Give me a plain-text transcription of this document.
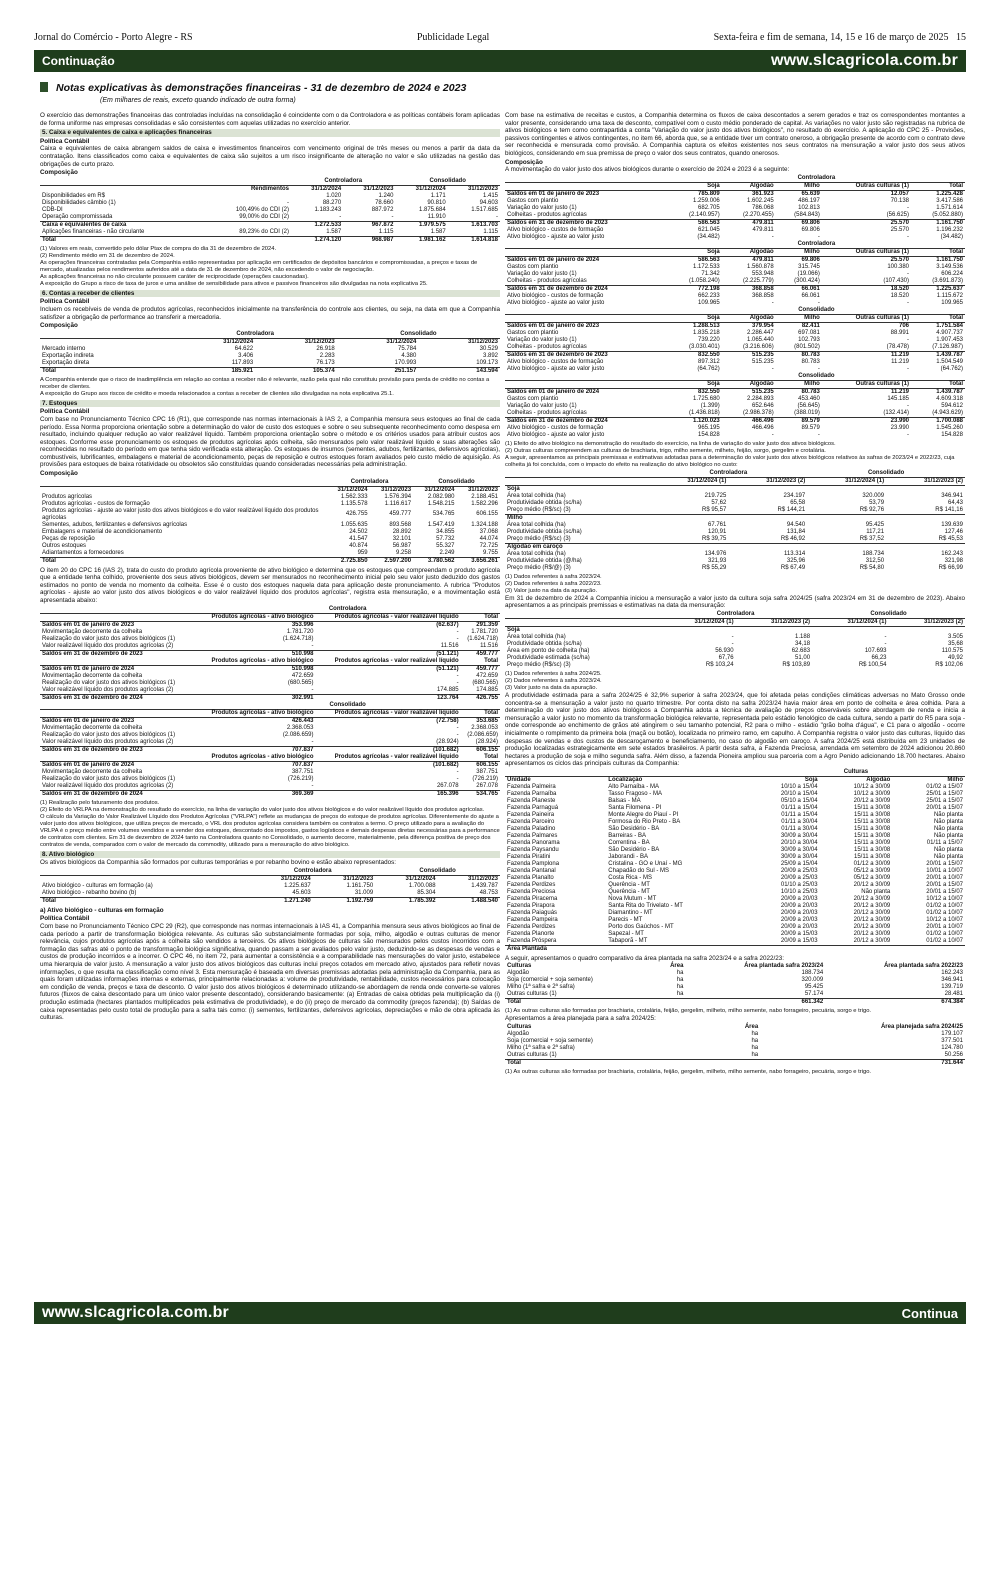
Jornal do Comércio - Porto Alegre - RS	Publicidade Legal	Sexta-feira e fim de semana, 14, 15 e 16 de março de 2025 15
Continuação	www.slcagricola.com.br
Notas explicativas às demonstrações financeiras - 31 de dezembro de 2024 e 2023
(Em milhares de reais, exceto quando indicado de outra forma)

O exercício das demonstrações financeiras das controladas incluídas na consolidação é coincidente com o da Controladora e as políticas contábeis foram aplicadas de forma uniforme nas empresas consolidadas e são consistentes com aquelas utilizadas no exercício anterior.

5. Caixa e equivalentes de caixa e aplicações financeiras
Política Contábil

Caixa e equivalentes de caixa abrangem saldos de caixa e investimentos financeiros com vencimento original de três meses ou menos a partir da data da contratação. Itens classificados como caixa e equivalentes de caixa são sujeitos a um risco insignificante de alteração no valor e são utilizadas na gestão das obrigações de curto prazo.

Composição
		Controladora		Consolidado	
	Rendimentos	31/12/2024	31/12/2023	31/12/2024	31/12/2023
Disponibilidades em R$		1.020	1.240	1.171	1.415
Disponibilidades câmbio (1)	-	88.270	78.660	90.810	94.603
CDB-DI	100,49% do CDI (2)	1.183.243	887.972	1.875.684	1.517.685
Operação compromissada	99,00% do CDI (2)	-	-	11.910	-
Caixa e equivalentes de caixa		1.272.533	967.872	1.979.575	1.613.703
Aplicações financeiras - não circulante	89,23% do CDI (2)	1.587	1.115	1.587	1.115
Total		1.274.120	968.987	1.981.162	1.614.818

(1) Valores em reais, convertido pelo dólar Ptax de compra do dia 31 de dezembro de 2024.

(2) Rendimento médio em 31 de dezembro de 2024.

As operações financeiras contratadas pela Companhia estão representadas por aplicação em certificados de depósitos bancários e compromissadas, a preços e taxas de mercado, atualizadas pelos rendimentos auferidos até a data de 31 de dezembro de 2024, não excedendo o valor de negociação.

As aplicações financeiras no não circulante possuem caráter de reciprocidade (operações caucionadas).

A exposição do Grupo a risco de taxa de juros e uma análise de sensibilidade para ativos e passivos financeiros são divulgadas na nota explicativa 25.

6. Contas a receber de clientes
Política Contábil

Incluem os recebíveis de venda de produtos agrícolas, reconhecidos inicialmente na transferência do controle aos clientes, ou seja, na data em que a Companhia satisfizer a obrigação de performance ao transferir a mercadoria.

Composição
	Controladora		Consolidado	
	31/12/2024	31/12/2023	31/12/2024	31/12/2023
Mercado interno	64.622	26.918	75.784	30.529
Exportação indireta	3.406	2.283	4.380	3.892
Exportação direta	117.893	76.173	170.993	109.173
Total	185.921	105.374	251.157	143.594

A Companhia entende que o risco de inadimplência em relação ao contas a receber não é relevante, razão pela qual não constituiu provisão para perda de crédito no contas a receber de clientes.

A exposição do Grupo aos riscos de crédito e moeda relacionados a contas a receber de clientes são divulgadas na nota explicativa 25.1.

7. Estoques
Política Contábil

Com base no Pronunciamento Técnico CPC 16 (R1), que corresponde nas normas internacionais à IAS 2, a Companhia mensura seus estoques ao final de cada período. Essa Norma proporciona orientação sobre a determinação do valor de custo dos estoques e sobre o seu subsequente reconhecimento como despesa em resultado, incluindo qualquer redução ao valor realizável líquido. Também proporciona orientação sobre o método e os critérios usados para atribuir custos aos estoques. Conforme esse pronunciamento os estoques de produtos agrícolas após colheita, são mensurados pelo valor realizável líquido e suas alterações são reconhecidas no resultado do período em que tenha sido verificada esta alteração. Os estoques de insumos (sementes, adubos, fertilizantes, defensivos agrícolas), combustíveis, lubrificantes, embalagens e material de acondicionamento, peças de reposição e outros estoques foram avaliados pelo custo médio de aquisição. As provisões para estoques de baixa rotatividade ou obsoletos são constituídas quando consideradas necessárias pela administração.

Composição
	Controladora		Consolidado	
	31/12/2024	31/12/2023	31/12/2024	31/12/2023
Produtos agrícolas	1.562.333	1.576.394	2.082.980	2.188.451
Produtos agrícolas - custos de formação	1.135.578	1.116.617	1.548.215	1.582.296
Produtos agrícolas - ajuste ao valor justo dos ativos biológicos e do valor realizável líquido dos produtos agrícolas	426.755	459.777	534.765	606.155
Sementes, adubos, fertilizantes e defensivos agrícolas	1.055.635	893.568	1.547.419	1.324.188
Embalagens e material de acondicionamento	24.502	28.892	34.855	37.068
Peças de reposição	41.547	32.101	57.732	44.074
Outros estoques	40.874	56.987	55.327	72.725
Adiantamentos a fornecedores	959	9.258	2.249	9.755
Total	2.725.850	2.597.200	3.780.562	3.656.261

O item 20 do CPC 16 (IAS 2), trata do custo do produto agrícola proveniente de ativo biológico e determina que os estoques que compreendam o produto agrícola que a entidade tenha colhido, proveniente dos seus ativos biológicos, devem ser mensurados no reconhecimento inicial pelo seu valor justo deduzido dos gastos estimados no ponto de venda no momento da colheita. Esse é o custo dos estoques naquela data para aplicação deste pronunciamento. A rubrica "Produtos agrícolas - ajuste ao valor justo dos ativos biológicos e do valor realizável líquido dos produtos agrícolas", registra esta mensuração, e a movimentação está apresentada abaixo:

	Controladora		
	Produtos agrícolas - ativo biológico	Produtos agrícolas - valor realizável líquido	Total
Saldos em 01 de janeiro de 2023	353.996	(62.637)	291.359
Movimentação decorrente da colheita	1.781.720	-	1.781.720
Realização do valor justo dos ativos biológicos (1)	(1.624.718)	-	(1.624.718)
Valor realizável líquido dos produtos agrícolas (2)	-	11.516	11.516
Saldos em 31 de dezembro de 2023	510.998	(51.121)	459.777
	Produtos agrícolas - ativo biológico	Produtos agrícolas - valor realizável líquido	Total
Saldos em 01 de janeiro de 2024	510.998	(51.121)	459.777
Movimentação decorrente da colheita	472.659	-	472.659
Realização do valor justo dos ativos biológicos (1)	(680.565)	-	(680.565)
Valor realizável líquido dos produtos agrícolas (2)	-	174.885	174.885
Saldos em 31 de dezembro de 2024	302.991	123.764	426.755
	Consolidado		
	Produtos agrícolas - ativo biológico	Produtos agrícolas - valor realizável líquido	Total
Saldos em 01 de janeiro de 2023	426.443	(72.758)	353.685
Movimentação decorrente da colheita	2.368.053	-	2.368.053
Realização do valor justo dos ativos biológicos (1)	(2.086.659)	-	(2.086.659)
Valor realizável líquido dos produtos agrícolas (2)	-	(28.924)	(28.924)
Saldos em 31 de dezembro de 2023	707.837	(101.682)	606.155
	Produtos agrícolas - ativo biológico	Produtos agrícolas - valor realizável líquido	Total
Saldos em 01 de janeiro de 2024	707.837	(101.682)	606.155
Movimentação decorrente da colheita	387.751	-	387.751
Realização do valor justo dos ativos biológicos (1)	(726.219)	-	(726.219)
Valor realizável líquido dos produtos agrícolas (2)	-	267.078	267.078
Saldos em 31 de dezembro de 2024	369.369	165.396	534.765

(1) Realização pelo faturamento dos produtos.

(2) Efeito do VRLPA na demonstração do resultado do exercício, na linha de variação do valor justo dos ativos biológicos e do valor realizável líquido dos produtos agrícolas.

O cálculo da Variação do Valor Realizável Líquido dos Produtos Agrícolas ("VRLPA") reflete as mudanças de preços do estoque de produtos agrícolas. Diferentemente do ajuste a valor justo dos ativos biológicos, que utiliza preços de mercado, o VRL dos produtos agrícolas considera também os contratos a termo. O preço utilizado para a avaliação do VRLPA é o preço médio entre volumes vendidos e a vender dos estoques, descontado dos impostos, gastos logísticos e demais despesas diretas necessárias para a performance de contratos com clientes. Em 31 de dezembro de 2024 tanto na Controladora quanto no Consolidado, o aumento decorre, materialmente, pela diferença positiva de preço dos contratos de venda, comparados com o valor de mercado da commodity, utilizado para a mensuração do ativo biológico.

8. Ativo biológico

Os ativos biológicos da Companhia são formados por culturas temporárias e por rebanho bovino e estão abaixo representados:

	Controladora		Consolidado	
	31/12/2024	31/12/2023	31/12/2024	31/12/2023
Ativo biológico - culturas em formação (a)	1.225.637	1.161.750	1.700.088	1.439.787
Ativo biológico - rebanho bovino (b)	45.603	31.009	85.304	48.753
Total	1.271.240	1.192.759	1.785.392	1.488.540
a) Ativo biológico - culturas em formação
Política Contábil

Com base no Pronunciamento Técnico CPC 29 (R2), que corresponde nas normas internacionais à IAS 41, a Companhia mensura seus ativos biológicos ao final de cada período a partir de transformação biológica relevante. As culturas são substancialmente formadas por soja, milho, algodão e outras culturas de menor relevância, cujos produtos agrícolas após a colheita são vendidos a terceiros. Os ativos biológicos de culturas são mensurados pelos custos incorridos com a formação das safras até o ponto de transformação biológica significativa, quando passam a ser avaliados pelo valor justo, deduzindo-se as despesas de vendas e custos de produção incorridos e a incorrer. O CPC 46, no item 72, para aumentar a consistência e a comparabilidade nas mensurações do valor justo, estabelece uma hierarquia de valor justo. A mensuração a valor justo dos ativos biológicos das culturas inclui preços cotados em mercado ativo, ajustados para refletir novas informações, o que resulta na classificação como nível 3. Esta mensuração é baseada em diversas premissas adotadas pela administração da Companhia, para as quais foram utilizadas informações internas e externas, principalmente relacionadas a: volume de produtividade, rentabilidade, custos necessários para colocação em condição de venda, preços e taxa de desconto. O valor justo dos ativos biológicos é determinado utilizando-se abordagem de renda onde converte-se valores futuros (fluxos de caixa descontado para um único valor presente descontado), considerando basicamente: (a) Entradas de caixa obtidas pela multiplicação da (i) produção estimada (hectares plantados multiplicados pela estimativa de produtividade), e do (ii) preço de mercado da commodity (preços fazenda); (b) Saídas de caixa representadas pelo custo total de produção para a safra tais como: (i) sementes, fertilizantes, defensivos agrícolas, depreciações e mão de obra aplicada às culturas.

Com base na estimativa de receitas e custos, a Companhia determina os fluxos de caixa descontados a serem gerados e traz os correspondentes montantes a valor presente, considerando uma taxa de desconto, compatível com o custo médio ponderado de capital. As variações no valor justo são registradas na rubrica de ativos biológicos e tem como contrapartida a conta "Variação do valor justo dos ativos biológicos", no resultado do exercício. A aplicação do CPC 25 - Provisões, passivos contingentes e ativos contingentes, no item 66, aborda que, se a entidade tiver um contrato oneroso, a obrigação presente de acordo com o contrato deve ser reconhecida e mensurada como provisão. A Companhia captura os efeitos existentes nos seus contratos na mensuração a valor justo dos seus ativos biológicos, considerando em sua premissa de preço o valor dos seus contratos, quando onerosos.

Composição

A movimentação do valor justo dos ativos biológicos durante o exercício de 2024 e 2023 é a seguinte:

	Controladora				
	Soja	Algodão	Milho	Outras culturas (1)	Total
Saldos em 01 de janeiro de 2023	785.809	361.923	65.639	12.057	1.225.428
Gastos com plantio	1.259.006	1.602.245	486.197	70.138	3.417.586
Variação do valor justo (1)	682.705	786.068	102.813	-	1.571.614
Colheitas - produtos agrícolas	(2.140.957)	(2.270.455)	(584.843)	(56.625)	(5.052.880)
Saldos em 31 de dezembro de 2023	586.563	479.811	69.806	25.570	1.161.750
Ativo biológico - custos de formação	621.045	479.811	69.806	25.570	1.196.232
Ativo biológico - ajuste ao valor justo	(34.482)	-	-	-	(34.482)
	Controladora				
	Soja	Algodão	Milho	Outras culturas (1)	Total
Saldos em 01 de janeiro de 2024	586.563	479.811	69.806	25.570	1.161.750
Gastos com plantio	1.172.533	1.560.878	315.745	100.380	3.149.536
Variação do valor justo (1)	71.342	553.948	(19.066)	-	606.224
Colheitas - produtos agrícolas	(1.058.240)	(2.225.779)	(300.424)	(107.430)	(3.691.873)
Saldos em 31 de dezembro de 2024	772.198	368.858	66.061	18.520	1.225.637
Ativo biológico - custos de formação	662.233	368.858	66.061	18.520	1.115.672
Ativo biológico - ajuste ao valor justo	109.965	-	-	-	109.965
	Consolidado				
	Soja	Algodão	Milho	Outras culturas (1)	Total
Saldos em 01 de janeiro de 2023	1.288.513	379.954	82.411	706	1.751.584
Gastos com plantio	1.835.218	2.286.447	697.081	88.991	4.907.737
Variação do valor justo (1)	739.220	1.065.440	102.793	-	1.907.453
Colheitas - produtos agrícolas	(3.030.401)	(3.216.606)	(801.502)	(78.478)	(7.126.987)
Saldos em 31 de dezembro de 2023	832.550	515.235	80.783	11.219	1.439.787
Ativo biológico - custos de formação	897.312	515.235	80.783	11.219	1.504.549
Ativo biológico - ajuste ao valor justo	(64.762)	-	-	-	(64.762)
	Consolidado				
	Soja	Algodão	Milho	Outras culturas (1)	Total
Saldos em 01 de janeiro de 2024	832.550	515.235	80.783	11.219	1.439.787
Gastos com plantio	1.725.680	2.284.893	453.460	145.185	4.609.318
Variação do valor justo (1)	(1.399)	652.646	(56.645)	-	594.612
Colheitas - produtos agrícolas	(1.436.818)	(2.986.378)	(388.019)	(132.414)	(4.943.629)
Saldos em 31 de dezembro de 2024	1.120.023	466.496	89.579	23.990	1.700.088
Ativo biológico - custos de formação	965.195	466.496	89.579	23.990	1.545.260
Ativo biológico - ajuste ao valor justo	154.828	-	-	-	154.828

(1) Efeito do ativo biológico na demonstração do resultado do exercício, na linha de variação do valor justo dos ativos biológicos.

(2) Outras culturas compreendem as culturas de brachiaria, trigo, milho semente, milheto, feijão, sorgo, gergelim e crotalária.

A seguir, apresentamos as principais premissas e estimativas adotadas para a determinação do valor justo dos ativos biológicos relativos às safras de 2023/24 e 2022/23, cuja colheita já foi concluída, com o impacto do efeito na realização do ativo biológico no custo:

	Controladora		Consolidado	
	31/12/2024 (1)	31/12/2023 (2)	31/12/2024 (1)	31/12/2023 (2)
Soja				
Área total colhida (ha)	219.725	234.197	320.009	346.941
Produtividade obtida (sc/ha)	57,62	65,58	53,79	64,43
Preço médio (R$/sc) (3)	R$ 95,57	R$ 144,21	R$ 92,76	R$ 141,16
Milho				
Área total colhida (ha)	67.761	94.540	95.425	139.639
Produtividade obtida (sc/ha)	120,91	131,84	117,21	127,46
Preço médio (R$/sc) (3)	R$ 39,75	R$ 46,92	R$ 37,52	R$ 45,53
Algodão em caroço				
Área total colhida (ha)	134.976	113.314	188.734	162.243
Produtividade obtida (@/ha)	321,93	325,96	312,50	321,98
Preço médio (R$/@) (3)	R$ 55,29	R$ 67,49	R$ 54,80	R$ 66,99

(1) Dados referentes à safra 2023/24.

(2) Dados referentes à safra 2022/23.

(3) Valor justo na data da apuração.

Em 31 de dezembro de 2024 a Companhia iniciou a mensuração a valor justo da cultura soja safra 2024/25 (safra 2023/24 em 31 de dezembro de 2023). Abaixo apresentamos a as principais premissas e estimativas na data da mensuração:

	Controladora		Consolidado	
	31/12/2024 (1)	31/12/2023 (2)	31/12/2024 (1)	31/12/2023 (2)
Soja				
Área total colhida (ha)	-	1.188	-	3.505
Produtividade obtida (sc/ha)	-	34,18	-	35,68
Área em ponto de colheita (ha)	56.930	62.683	107.693	110.575
Produtividade estimada (sc/ha)	67,76	51,00	66,23	49,92
Preço médio (R$/sc) (3)	R$ 103,24	R$ 103,89	R$ 100,54	R$ 102,06

(1) Dados referentes à safra 2024/25.

(2) Dados referentes à safra 2023/24.

(3) Valor justo na data da apuração.

A produtividade estimada para a safra 2024/25 é 32,9% superior à safra 2023/24, que foi afetada pelas condições climáticas adversas no Mato Grosso onde concentra-se a mensuração a valor justo no quarto trimestre. Por conta disto na safra 2023/24 havia maior área em ponto de colheita e área colhida. Para a determinação do valor justo dos ativos biológicos a Companhia adota a técnica de avaliação de preços observáveis sobre abordagem de renda e inicia a mensuração a valor justo no momento da transformação biológica relevante, representada pelo estádio fenológico de cada cultura, sendo a partir do R5 para soja - onde corresponde ao enchimento de grãos até atingirem o seu tamanho potencial, R2 para o milho - estádio "grão bolha d'água", e C1 para o algodão - ocorre inicialmente o rompimento da primeira bola (maçã ou botão), localizada no primeiro ramo, em capulho. A Companhia registra o valor justo das culturas, líquido das despesas de vendas e dos custos de descaroçamento e beneficiamento, no caso do algodão em caroço. A safra 2024/25 está distribuída em 23 unidades de produção localizadas estrategicamente em sete estados brasileiros. A partir desta safra, a Fazenda Preciosa, arrendada em setembro de 2024 adicionou 20.860 hectares a produção de soja e milho segunda safra. Além disso, a fazenda Pioneira ampliou sua parceria com a Agro Penido adicionando 18.700 hectares. Abaixo apresentamos os ciclos das principais culturas da Companhia:

		Culturas		
Unidade	Localização	Soja	Algodão	Milho
Fazenda Palmeira	Alto Parnaíba - MA	10/10 a 15/04	10/12 a 30/09	01/02 a 15/07
Fazenda Parnaíba	Tasso Fragoso - MA	20/10 a 15/04	10/12 a 30/09	25/01 a 15/07
Fazenda Planeste	Balsas - MA	05/10 a 15/04	20/12 a 30/09	25/01 a 15/07
Fazenda Parnaguá	Santa Filomena - PI	01/11 a 15/04	15/11 a 30/08	20/01 a 15/07
Fazenda Paineira	Monte Alegre do Piauí - PI	01/11 a 15/04	15/11 a 30/08	Não planta
Fazenda Parceiro	Formosa do Rio Preto - BA	01/11 a 30/04	15/11 a 30/08	Não planta
Fazenda Paladino	São Desidério - BA	01/11 a 30/04	15/11 a 30/08	Não planta
Fazenda Palmares	Barreiras - BA	30/09 a 30/04	15/11 a 30/08	Não planta
Fazenda Panorama	Correntina - BA	20/10 a 30/04	15/11 a 30/09	01/11 a 15/07
Fazenda Paysandu	São Desidério - BA	30/09 a 30/04	15/11 a 30/08	Não planta
Fazenda Piratini	Jaborandi - BA	30/09 a 30/04	15/11 a 30/08	Não planta
Fazenda Pamplona	Cristalina - GO e Unaí - MG	25/09 a 15/04	01/12 a 30/09	20/01 a 15/07
Fazenda Pantanal	Chapadão do Sul - MS	20/09 a 25/03	05/12 a 30/09	10/01 a 10/07
Fazenda Planalto	Costa Rica - MS	20/09 a 25/03	05/12 a 30/09	20/01 a 10/07
Fazenda Perdizes	Querência - MT	01/10 a 25/03	20/12 a 30/09	20/01 a 15/07
Fazenda Preciosa	Querência - MT	10/10 a 25/03	Não planta	20/01 a 15/07
Fazenda Piracema	Nova Mutum - MT	20/09 a 20/03	20/12 a 30/09	10/12 a 10/07
Fazenda Pirapora	Santa Rita do Trivelato - MT	20/09 a 20/03	20/12 a 30/09	01/02 a 10/07
Fazenda Paiaguás	Diamantino - MT	20/09 a 20/03	20/12 a 30/09	01/02 a 10/07
Fazenda Pampeira	Parecis - MT	20/09 a 20/03	20/12 a 30/09	10/12 a 10/07
Fazenda Perdizes	Porto dos Gaúchos - MT	20/09 a 20/03	20/12 a 30/09	20/01 a 10/07
Fazenda Planorte	Sapezal - MT	20/09 a 15/03	20/12 a 30/09	01/02 a 10/07
Fazenda Próspera	Tabaporã - MT	20/09 a 15/03	20/12 a 30/09	01/02 a 10/07
Área Plantada				

A seguir, apresentamos o quadro comparativo da área plantada na safra 2023/24 e a safra 2022/23:

Culturas	Área	Área plantada safra 2023/24	Área plantada safra 2022/23
Algodão	ha	188.734	162.243
Soja (comercial + soja semente)	ha	320.009	346.941
Milho (1ª safra e 2ª safra)	ha	95.425	139.719
Outras culturas (1)	ha	57.174	28.481
Total		661.342	674.384

(1) As outras culturas são formadas por brachiaria, crotalária, feijão, gergelim, milheto, milho semente, nabo forrageiro, pecuária, sorgo e trigo.

Apresentamos a área planejada para a safra 2024/25:

Culturas	Área	Área planejada safra 2024/25
Algodão	ha	179.107
Soja (comercial + soja semente)	ha	377.501
Milho (1ª safra e 2ª safra)	ha	124.780
Outras culturas (1)	ha	50.256
Total		731.644

(1) As outras culturas são formadas por brachiaria, crotalária, feijão, gergelim, milheto, milho semente, nabo forrageiro, pecuária, sorgo e trigo.

www.slcagricola.com.br	Continua
